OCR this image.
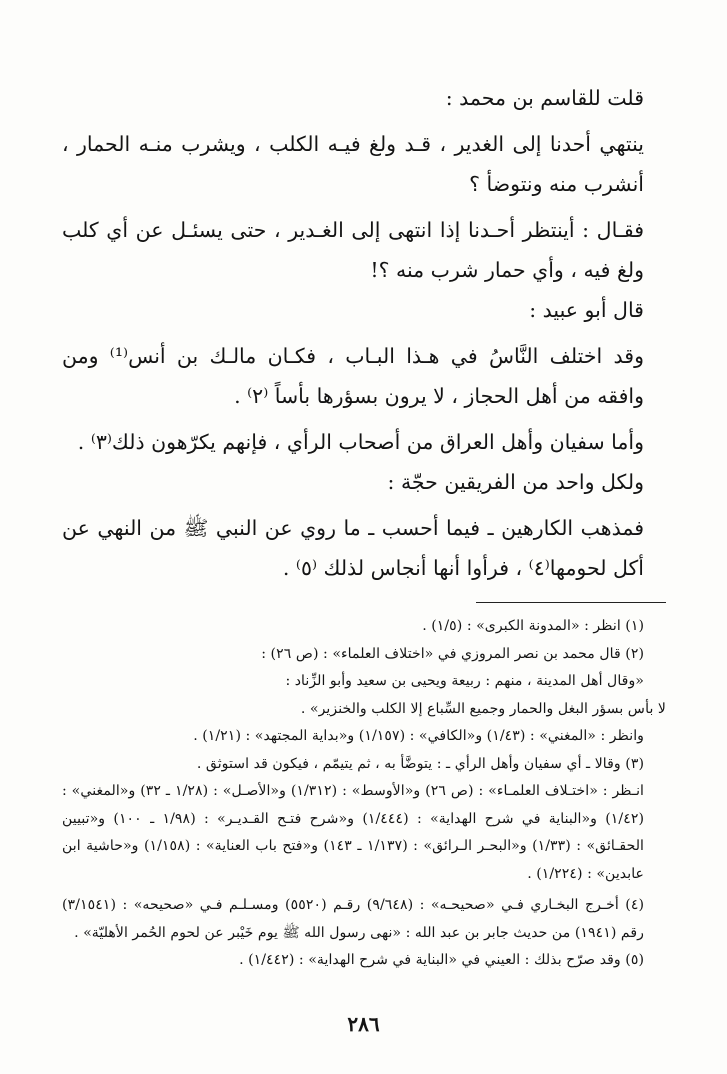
قلت للقاسم بن محمد :

ينتهي أحدنا إلى الغدير ، قـد ولغ فيـه الكلب ، ويشرب منـه الحمار ، أنشرب منه ونتوضأ ؟

فقـال : أينتظر أحـدنا إذا انتهى إلى الغـدير ، حتى يسئـل عن أي كلب ولغ فيه ، وأي حمار شرب منه ؟!

قال أبو عبيد :

وقد اختلف النَّاسُ في هـذا البـاب ، فكـان مالـك بن أنس⁽¹⁾ ومن وافقه من أهل الحجاز ، لا يرون بسؤرها بأساً ⁽٢⁾ .

وأما سفيان وأهل العراق من أصحاب الرأي ، فإنهم يكرّهون ذلك⁽٣⁾ .

ولكل واحد من الفريقين حجّة :

فمذهب الكارهين ـ فيما أحسب ـ ما روي عن النبي ﷺ من النهي عن أكل لحومها⁽٤⁾ ، فرأوا أنها أنجاس لذلك ⁽٥⁾ .

(١) انظر : «المدونة الكبرى» : (١/٥) .

(٢) قال محمد بن نصر المروزي في «اختلاف العلماء» : (ص ٢٦) :

«وقال أهل المدينة ، منهم : ربيعة ويحيى بن سعيد وأبو الزِّناد :

لا بأس بسؤر البغل والحمار وجميع السِّباع إلا الكلب والخنزير» .

وانظر : «المغني» : (١/٤٣) و«الكافي» : (١/١٥٧) و«بداية المجتهد» : (١/٢١) .

(٣) وقالا ـ أي سفيان وأهل الرأي ـ : يتوضَّأ به ، ثم يتيمّم ، فيكون قد استوثق .

انـظر : «اختـلاف العلمـاء» : (ص ٢٦) و«الأوسط» : (١/٣١٢) و«الأصـل» : (١/٢٨ ـ ٣٢) و«المغني» : (١/٤٢) و«البناية في شرح الهداية» : (١/٤٤٤) و«شرح فتـح القـديـر» : (١/٩٨ ـ ١٠٠) و«تبيين الحقـائق» : (١/٣٣) و«البحـر الـرائق» : (١/١٣٧ ـ ١٤٣) و«فتح باب العناية» : (١/١٥٨) و«حاشية ابن عابدين» : (١/٢٢٤) .

(٤) أخـرج البخـاري فـي «صحيحـه» : (٩/٦٤٨) رقـم (٥٥٢٠) ومسـلـم فـي «صحيحه» : (٣/١٥٤١) رقم (١٩٤١) من حديث جابر بن عبد الله : «نهى رسول الله ﷺ يوم خَيْبر عن لحوم الحُمر الأهليّة» .

(٥) وقد صرّح بذلك : العيني في «البناية في شرح الهداية» : (١/٤٤٢) .

٢٨٦
